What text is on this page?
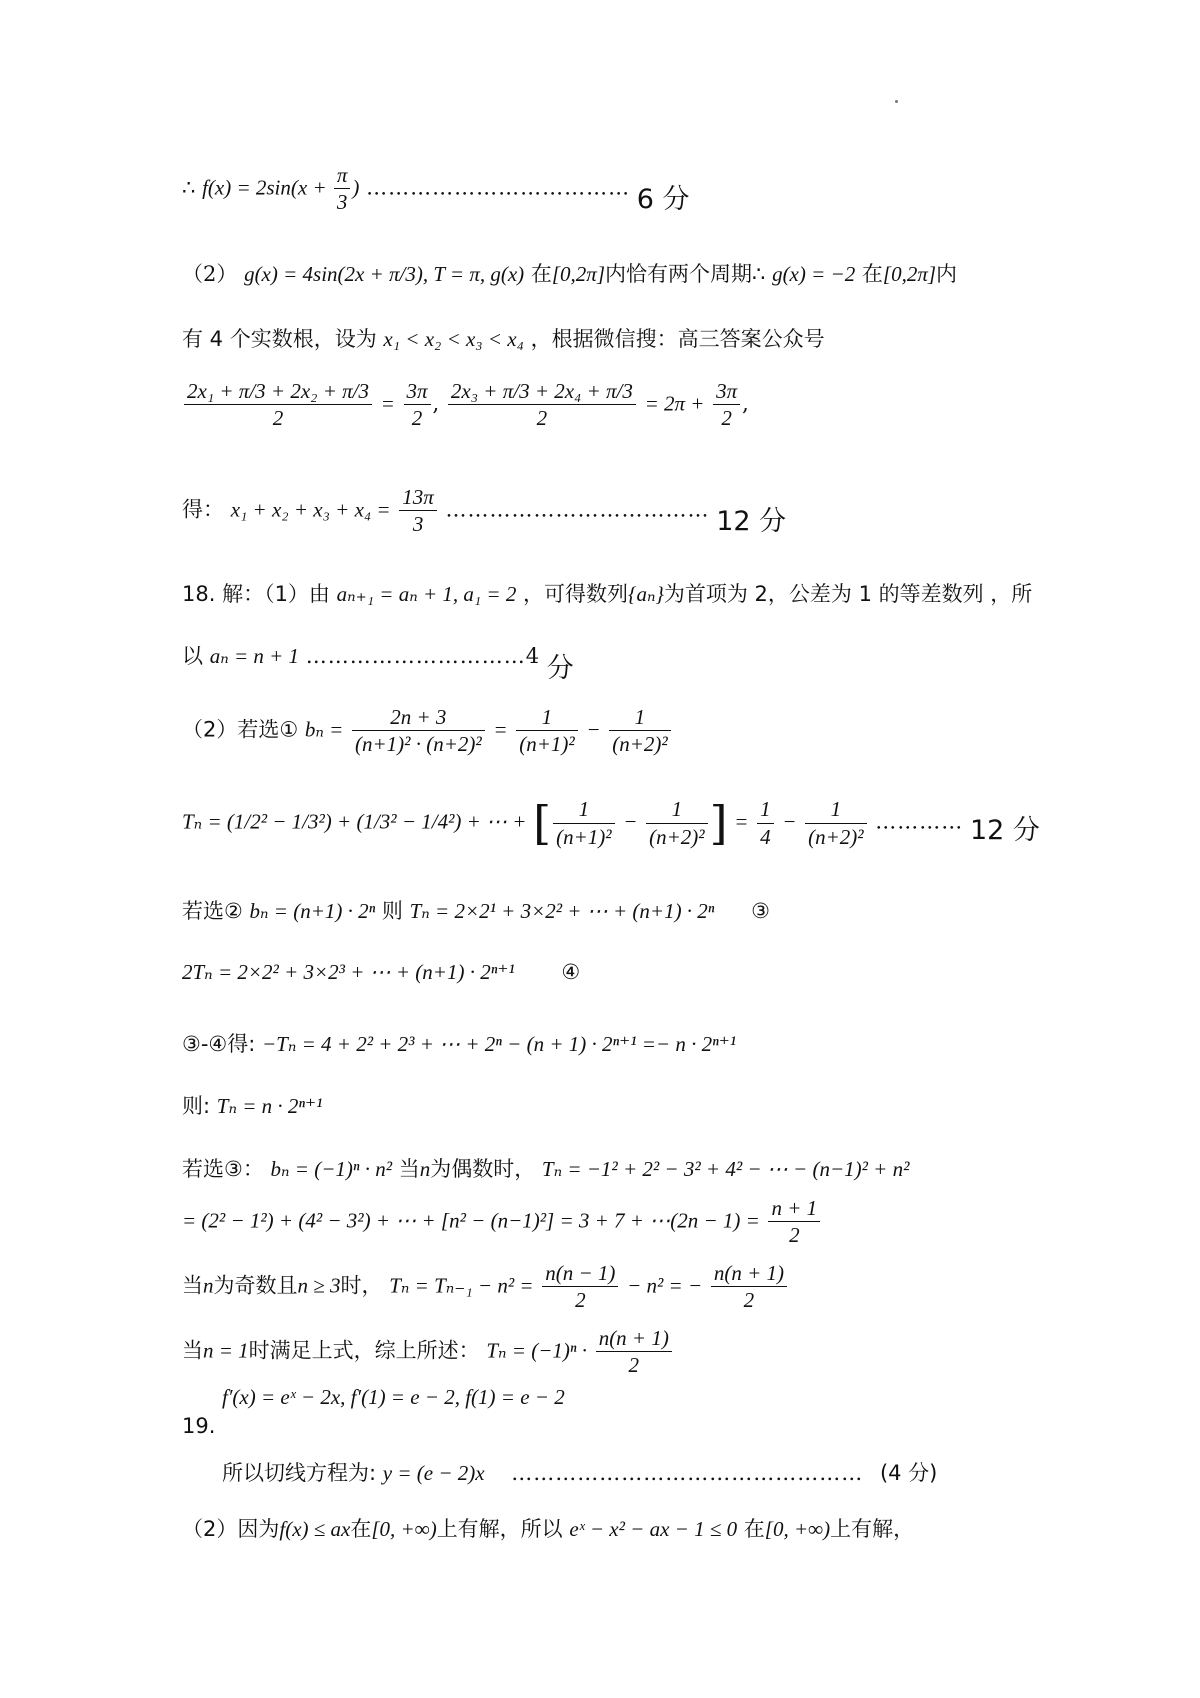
∴ $f(x) = 2\sin(x + \frac{\pi}{3}$ ) ……………………………… 6 分
（2） g(x) = 4sin(2x + π/3), T = π, g(x) 在[0,2π]内恰有两个周期∴ g(x) = −2 在[0,2π]内
有 4 个实数根，设为 x₁ < x₂ < x₃ < x₄ ，根据微信搜：高三答案公众号
$\frac{\text{2x₁ + π/3 + 2x₂ + π/3}}{2} = \frac{3\pi}{2}$ , $\frac{\text{2x₃ + π/3 + 2x₄ + π/3}}{2} = 2\pi + \frac{3\pi}{2}$ ,
得： $x_1 + x_2 + x_3 + x_4 = \frac{13\pi}{3}$ ……………………………… 12 分
18. 解：（1）由 aₙ₊₁ = aₙ + 1, a₁ = 2 ，可得数列{aₙ}为首项为 2，公差为 1 的等差数列 ，所
以 aₙ = n + 1 …………………………4 分
（2）若选① $b_n = \frac{2n + 3}{\text{(n+1)² · (n+2)²}} = \frac{1}{\text{(n+1)²}} - \frac{1}{\text{(n+2)²}}$
Tₙ = (1/2² − 1/3²) + (1/3² − 1/4²) + ⋯ + [ $\frac{1}{\text{(n+1)²}} - \frac{1}{\text{(n+2)²}}$ ] = $\frac{1}{4} - \frac{1}{\text{(n+2)²}}$ ………… 12 分
若选② bₙ = (n+1) · 2ⁿ 则 Tₙ = 2×2¹ + 3×2² + ⋯ + (n+1) · 2ⁿ ③
2Tₙ = 2×2² + 3×2³ + ⋯ + (n+1) · 2ⁿ⁺¹ ④
③-④得: −Tₙ = 4 + 2² + 2³ + ⋯ + 2ⁿ − (n + 1) · 2ⁿ⁺¹ =− n · 2ⁿ⁺¹
则: Tₙ = n · 2ⁿ⁺¹
若选③： bₙ = (−1)ⁿ · n² 当n为偶数时， Tₙ = −1² + 2² − 3² + 4² − ⋯ − (n−1)² + n²
= (2² − 1²) + (4² − 3²) + ⋯ + [n² − (n−1)²] = 3 + 7 + ⋯(2n − $1) = \frac{n + 1}{2}$
当n为奇数且n ≥ 3时， $T_n = T_{n-1} - n^2 = \frac{n(n - 1)}{2} - n^2$ = − $\frac{n(n + 1)}{2}$
当n = 1时满足上式，综上所述： $T_n = (-1)^n \cdot \frac{n(n + 1)}{2}$
f′(x) = eˣ − 2x, f′(1) = e − 2, f(1) = e − 2
19.
所以切线方程为: y = (e − 2)x ………………………………………… (4 分)
（2）因为f(x) ≤ ax在[0, +∞)上有解，所以 eˣ − x² − ax − 1 ≤ 0 在[0, +∞)上有解，
